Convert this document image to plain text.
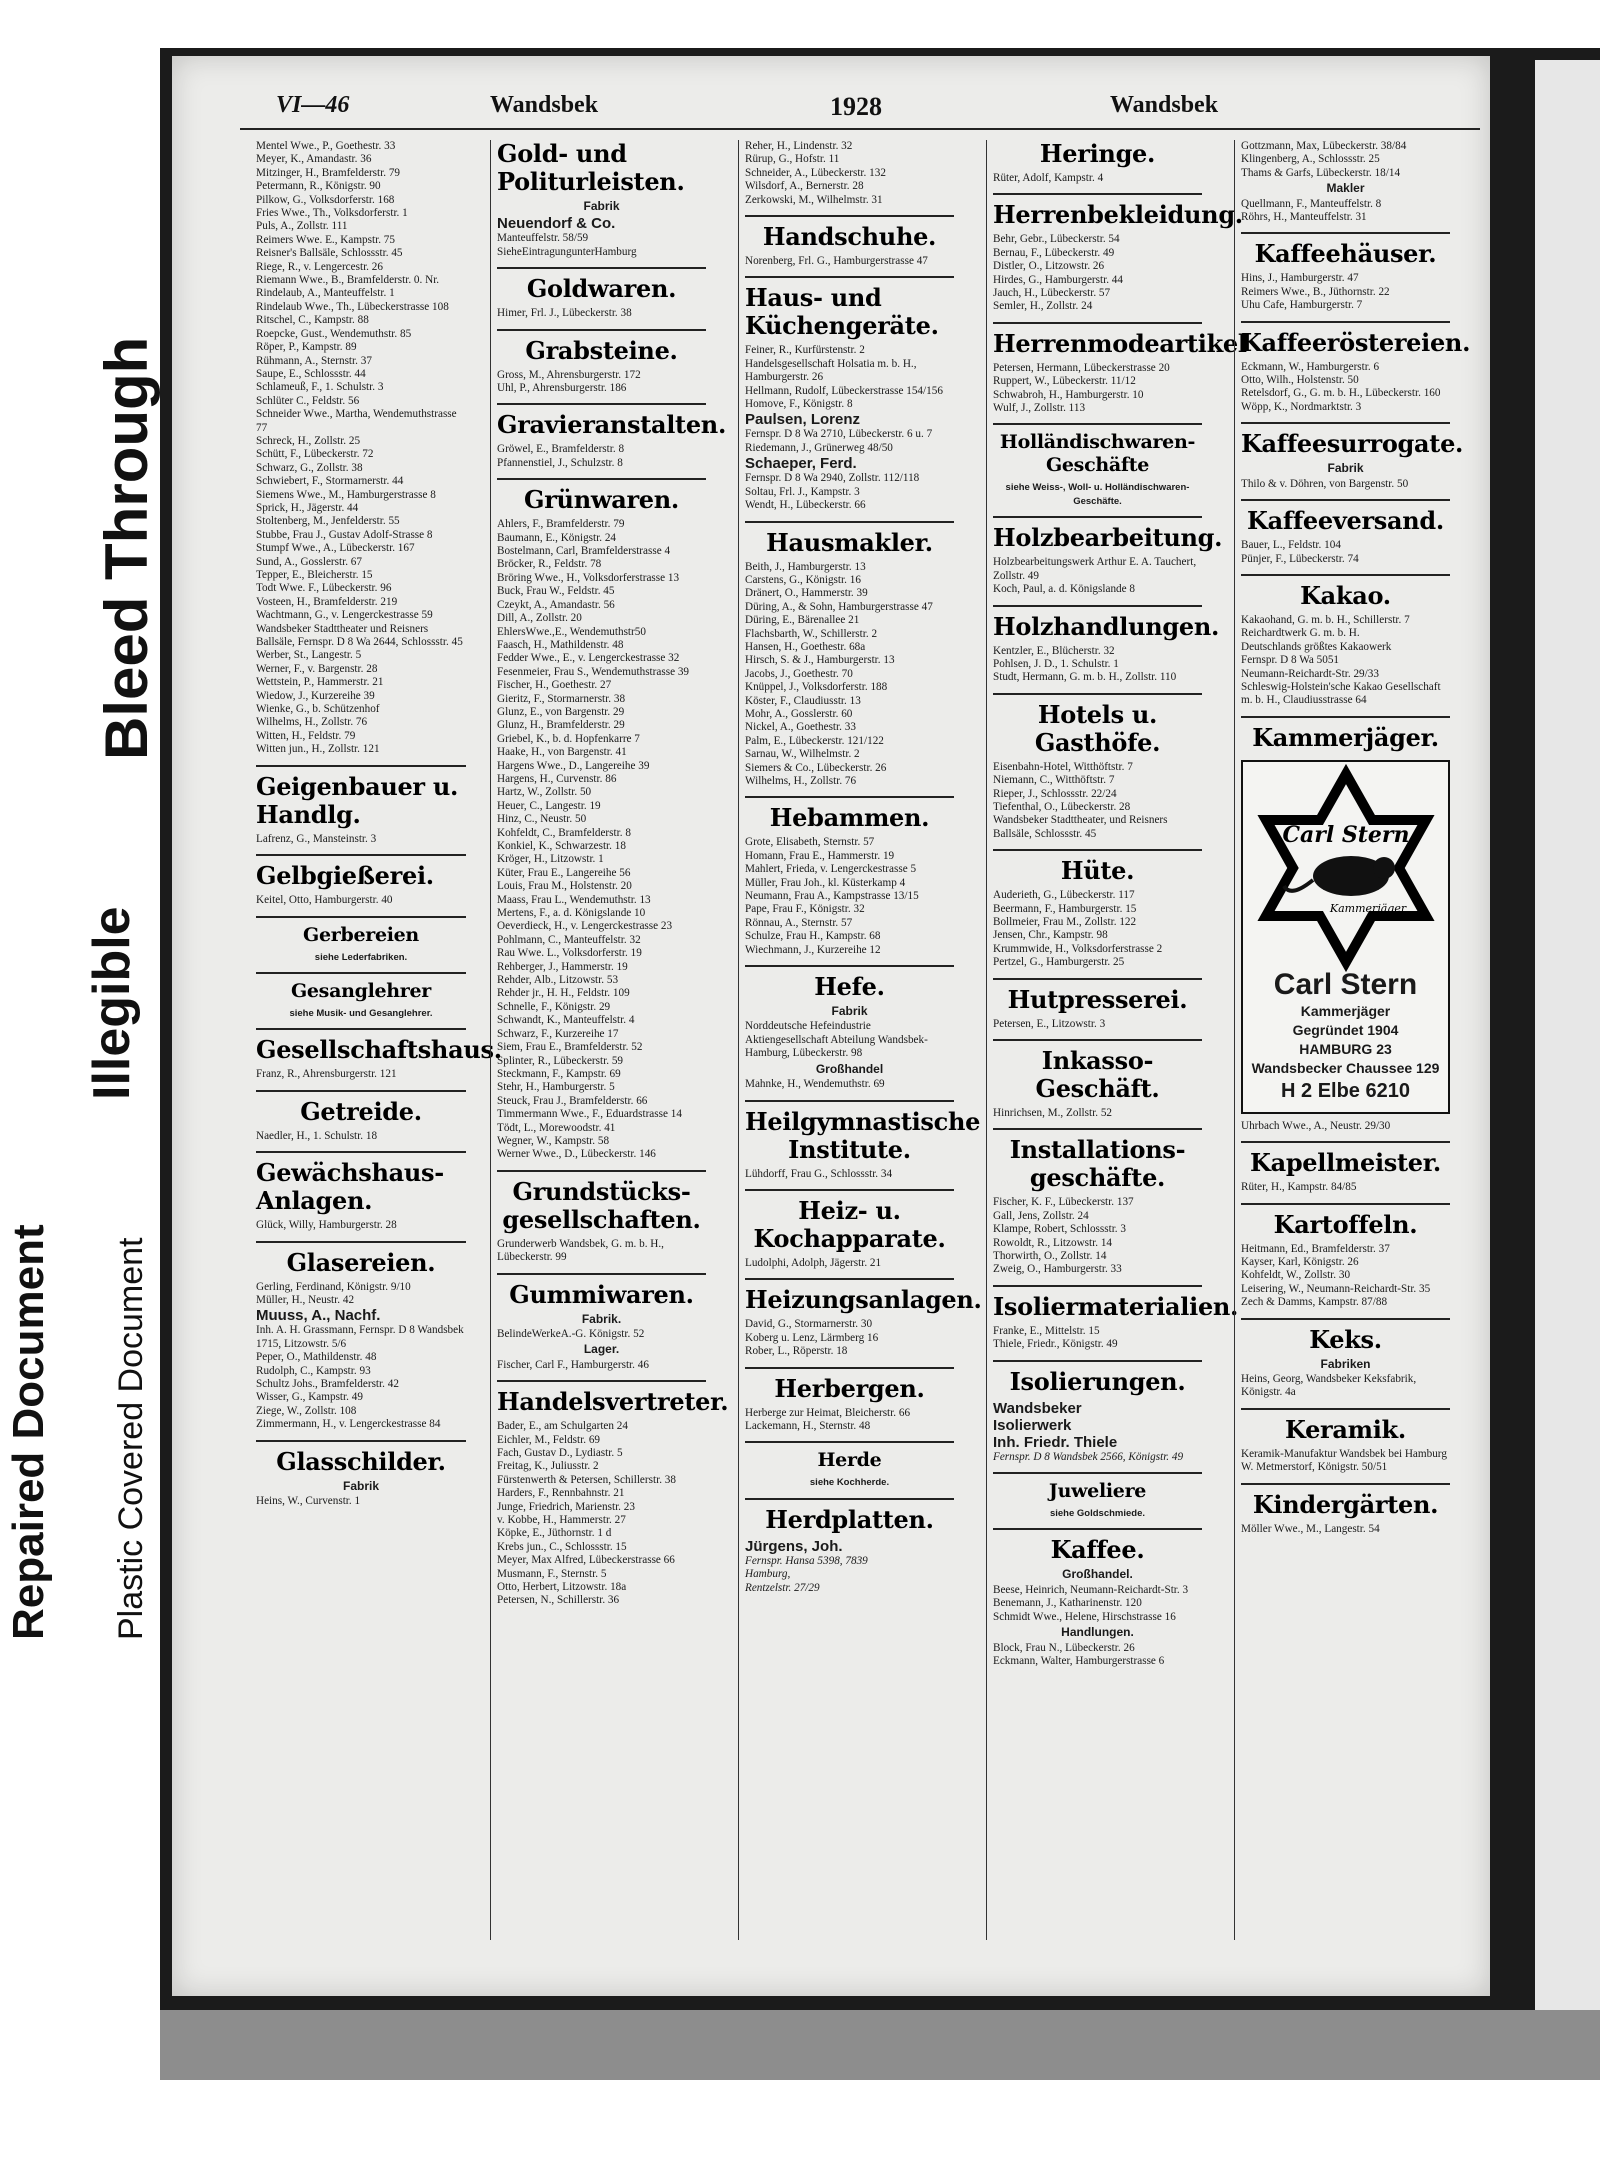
Bleed Through
Illegible
Plastic Covered Document
Repaired Document
VI—46	Wandsbek	1928	Wandsbek

Mentel Wwe., P., Goethestr. 33

Meyer, K., Amandastr. 36

Mitzinger, H., Bramfelderstr. 79

Petermann, R., Königstr. 90

Pilkow, G., Volksdorferstr. 168

Fries Wwe., Th., Volksdorferstr. 1

Puls, A., Zollstr. 111

Reimers Wwe. E., Kampstr. 75

Reisner's Ballsäle, Schlossstr. 45

Riege, R., v. Lengercestr. 26

Riemann Wwe., B., Bramfelderstr. 0. Nr.

Rindelaub, A., Manteuffelstr. 1

Rindelaub Wwe., Th., Lübeckerstrasse 108

Ritschel, C., Kampstr. 88

Roepcke, Gust., Wendemuthstr. 85

Röper, P., Kampstr. 89

Rühmann, A., Sternstr. 37

Saupe, E., Schlossstr. 44

Schlameuß, F., 1. Schulstr. 3

Schlüter C., Feldstr. 56

Schneider Wwe., Martha, Wendemuthstrasse 77

Schreck, H., Zollstr. 25

Schütt, F., Lübeckerstr. 72

Schwarz, G., Zollstr. 38

Schwiebert, F., Stormarnerstr. 44

Siemens Wwe., M., Hamburgerstrasse 8

Sprick, H., Jägerstr. 44

Stoltenberg, M., Jenfelderstr. 55

Stubbe, Frau J., Gustav Adolf-Strasse 8

Stumpf Wwe., A., Lübeckerstr. 167

Sund, A., Gosslerstr. 67

Tepper, E., Bleicherstr. 15

Todt Wwe. F., Lübeckerstr. 96

Vosteen, H., Bramfelderstr. 219

Wachtmann, G., v. Lengerckestrasse 59

Wandsbeker Stadttheater und Reisners Ballsäle, Fernspr. D 8 Wa 2644, Schlossstr. 45

Werber, St., Langestr. 5

Werner, F., v. Bargenstr. 28

Wettstein, P., Hammerstr. 21

Wiedow, J., Kurzereihe 39

Wienke, G., b. Schützenhof

Wilhelms, H., Zollstr. 76

Witten, H., Feldstr. 79

Witten jun., H., Zollstr. 121

Geigenbauer u. Handlg.

Lafrenz, G., Mansteinstr. 3

Gelbgießerei.

Keitel, Otto, Hamburgerstr. 40

Gerbereien
siehe Lederfabriken.
Gesanglehrer
siehe Musik- und Gesanglehrer.
Gesellschaftshaus.

Franz, R., Ahrensburgerstr. 121

Getreide.

Naedler, H., 1. Schulstr. 18

Gewächshaus-Anlagen.

Glück, Willy, Hamburgerstr. 28

Glasereien.

Gerling, Ferdinand, Königstr. 9/10

Müller, H., Neustr. 42

Muuss, A., Nachf.

Inh. A. H. Grassmann, Fernspr. D 8 Wandsbek 1715, Litzowstr. 5/6

Peper, O., Mathildenstr. 48

Rudolph, C., Kampstr. 93

Schultz Johs., Bramfelderstr. 42

Wisser, G., Kampstr. 49

Ziege, W., Zollstr. 108

Zimmermann, H., v. Lengerckestrasse 84

Glasschilder.
Fabrik

Heins, W., Curvenstr. 1

Gold- und Politurleisten.
Fabrik
Neuendorf & Co.

Manteuffelstr. 58/59

SieheEintragungunterHamburg

Goldwaren.

Himer, Frl. J., Lübeckerstr. 38

Grabsteine.

Gross, M., Ahrensburgerstr. 172

Uhl, P., Ahrensburgerstr. 186

Gravieranstalten.

Gröwel, E., Bramfelderstr. 8

Pfannenstiel, J., Schulzstr. 8

Grünwaren.

Ahlers, F., Bramfelderstr. 79

Baumann, E., Königstr. 24

Bostelmann, Carl, Bramfelderstrasse 4

Bröcker, R., Feldstr. 78

Bröring Wwe., H., Volksdorferstrasse 13

Buck, Frau W., Feldstr. 45

Czeykt, A., Amandastr. 56

Dill, A., Zollstr. 20

EhlersWwe.,E., Wendemuthstr50

Faasch, H., Mathildenstr. 48

Fedder Wwe., E., v. Lengerckestrasse 32

Fesenmeier, Frau S., Wendemuthstrasse 39

Fischer, H., Goethestr. 27

Gieritz, F., Stormarnerstr. 38

Glunz, E., von Bargenstr. 29

Glunz, H., Bramfelderstr. 29

Griebel, K., b. d. Hopfenkarre 7

Haake, H., von Bargenstr. 41

Hargens Wwe., D., Langereihe 39

Hargens, H., Curvenstr. 86

Hartz, W., Zollstr. 50

Heuer, C., Langestr. 19

Hinz, C., Neustr. 50

Kohfeldt, C., Bramfelderstr. 8

Konkiel, K., Schwarzestr. 18

Kröger, H., Litzowstr. 1

Küter, Frau E., Langereihe 56

Louis, Frau M., Holstenstr. 20

Maass, Frau L., Wendemuthstr. 13

Mertens, F., a. d. Königslande 10

Oeverdieck, H., v. Lengerckestrasse 23

Pohlmann, C., Manteuffelstr. 32

Rau Wwe. L., Volksdorferstr. 19

Rehberger, J., Hammerstr. 19

Rehder, Alb., Litzowstr. 53

Rehder jr., H. H., Feldstr. 109

Schnelle, F., Königstr. 29

Schwandt, K., Manteuffelstr. 4

Schwarz, F., Kurzereihe 17

Siem, Frau E., Bramfelderstr. 52

Splinter, R., Lübeckerstr. 59

Steckmann, F., Kampstr. 69

Stehr, H., Hamburgerstr. 5

Steuck, Frau J., Bramfelderstr. 66

Timmermann Wwe., F., Eduardstrasse 14

Tödt, L., Morewoodstr. 41

Wegner, W., Kampstr. 58

Werner Wwe., D., Lübeckerstr. 146

Grundstücks-gesellschaften.

Grunderwerb Wandsbek, G. m. b. H., Lübeckerstr. 99

Gummiwaren.
Fabrik.

BelindeWerkeA.-G. Königstr. 52

Lager.

Fischer, Carl F., Hamburgerstr. 46

Handelsvertreter.

Bader, E., am Schulgarten 24

Eichler, M., Feldstr. 69

Fach, Gustav D., Lydiastr. 5

Freitag, K., Juliusstr. 2

Fürstenwerth & Petersen, Schillerstr. 38

Harders, F., Rennbahnstr. 21

Junge, Friedrich, Marienstr. 23

v. Kobbe, H., Hammerstr. 27

Köpke, E., Jüthornstr. 1 d

Krebs jun., C., Schlossstr. 15

Meyer, Max Alfred, Lübeckerstrasse 66

Musmann, F., Sternstr. 5

Otto, Herbert, Litzowstr. 18a

Petersen, N., Schillerstr. 36

Reher, H., Lindenstr. 32

Rürup, G., Hofstr. 11

Schneider, A., Lübeckerstr. 132

Wilsdorf, A., Bernerstr. 28

Zerkowski, M., Wilhelmstr. 31

Handschuhe.

Norenberg, Frl. G., Hamburgerstrasse 47

Haus- und Küchengeräte.

Feiner, R., Kurfürstenstr. 2

Handelsgesellschaft Holsatia m. b. H., Hamburgerstr. 26

Hellmann, Rudolf, Lübeckerstrasse 154/156

Homove, F., Königstr. 8

Paulsen, Lorenz

Fernspr. D 8 Wa 2710, Lübeckerstr. 6 u. 7

Riedemann, J., Grünerweg 48/50

Schaeper, Ferd.

Fernspr. D 8 Wa 2940, Zollstr. 112/118

Soltau, Frl. J., Kampstr. 3

Wendt, H., Lübeckerstr. 66

Hausmakler.

Beith, J., Hamburgerstr. 13

Carstens, G., Königstr. 16

Dränert, O., Hammerstr. 39

Düring, A., & Sohn, Hamburgerstrasse 47

Düring, E., Bärenallee 21

Flachsbarth, W., Schillerstr. 2

Hansen, H., Goethestr. 68a

Hirsch, S. & J., Hamburgerstr. 13

Jacobs, J., Goethestr. 70

Knüppel, J., Volksdorferstr. 188

Köster, F., Claudiusstr. 13

Mohr, A., Gosslerstr. 60

Nickel, A., Goethestr. 33

Palm, E., Lübeckerstr. 121/122

Sarnau, W., Wilhelmstr. 2

Siemers & Co., Lübeckerstr. 26

Wilhelms, H., Zollstr. 76

Hebammen.

Grote, Elisabeth, Sternstr. 57

Homann, Frau E., Hammerstr. 19

Mahlert, Frieda, v. Lengerckestrasse 5

Müller, Frau Joh., kl. Küsterkamp 4

Neumann, Frau A., Kampstrasse 13/15

Pape, Frau F., Königstr. 32

Rönnau, A., Sternstr. 57

Schulze, Frau H., Kampstr. 68

Wiechmann, J., Kurzereihe 12

Hefe.
Fabrik

Norddeutsche Hefeindustrie Aktiengesellschaft Abteilung Wandsbek-Hamburg, Lübeckerstr. 98

Großhandel

Mahnke, H., Wendemuthstr. 69

Heilgymnastische Institute.

Lühdorff, Frau G., Schlossstr. 34

Heiz- u. Kochapparate.

Ludolphi, Adolph, Jägerstr. 21

Heizungsanlagen.

David, G., Stormarnerstr. 30

Koberg u. Lenz, Lärmberg 16

Rober, L., Röperstr. 18

Herbergen.

Herberge zur Heimat, Bleicherstr. 66

Lackemann, H., Sternstr. 48

Herde
siehe Kochherde.
Herdplatten.
Jürgens, Joh.

Fernspr. Hansa 5398, 7839

Hamburg,

Rentzelstr. 27/29

Heringe.

Rüter, Adolf, Kampstr. 4

Herrenbekleidung.

Behr, Gebr., Lübeckerstr. 54

Bernau, F., Lübeckerstr. 49

Distler, O., Litzowstr. 26

Hirdes, G., Hamburgerstr. 44

Jauch, H., Lübeckerstr. 57

Semler, H., Zollstr. 24

Herrenmodeartikel

Petersen, Hermann, Lübeckerstrasse 20

Ruppert, W., Lübeckerstr. 11/12

Schwabroh, H., Hamburgerstr. 10

Wulf, J., Zollstr. 113

Holländischwaren-Geschäfte
siehe Weiss-, Woll- u. Holländischwaren-Geschäfte.
Holzbearbeitung.

Holzbearbeitungswerk Arthur E. A. Tauchert, Zollstr. 49

Koch, Paul, a. d. Königslande 8

Holzhandlungen.

Kentzler, E., Blücherstr. 32

Pohlsen, J. D., 1. Schulstr. 1

Studt, Hermann, G. m. b. H., Zollstr. 110

Hotels u. Gasthöfe.

Eisenbahn-Hotel, Witthöftstr. 7

Niemann, C., Witthöftstr. 7

Rieper, J., Schlossstr. 22/24

Tiefenthal, O., Lübeckerstr. 28

Wandsbeker Stadttheater, und Reisners Ballsäle, Schlossstr. 45

Hüte.

Auderieth, G., Lübeckerstr. 117

Beermann, F., Hamburgerstr. 15

Bollmeier, Frau M., Zollstr. 122

Jensen, Chr., Kampstr. 98

Krummwide, H., Volksdorferstrasse 2

Pertzel, G., Hamburgerstr. 25

Hutpresserei.

Petersen, E., Litzowstr. 3

Inkasso-Geschäft.

Hinrichsen, M., Zollstr. 52

Installations-geschäfte.

Fischer, K. F., Lübeckerstr. 137

Gall, Jens, Zollstr. 24

Klampe, Robert, Schlossstr. 3

Rowoldt, R., Litzowstr. 14

Thorwirth, O., Zollstr. 14

Zweig, O., Hamburgerstr. 33

Isoliermaterialien.

Franke, E., Mittelstr. 15

Thiele, Friedr., Königstr. 49

Isolierungen.

Wandsbeker

Isolierwerk

Inh. Friedr. Thiele

Fernspr. D 8 Wandsbek 2566, Königstr. 49

Juweliere
siehe Goldschmiede.
Kaffee.
Großhandel.

Beese, Heinrich, Neumann-Reichardt-Str. 3

Benemann, J., Katharinenstr. 120

Schmidt Wwe., Helene, Hirschstrasse 16

Handlungen.

Block, Frau N., Lübeckerstr. 26

Eckmann, Walter, Hamburgerstrasse 6

Gottzmann, Max, Lübeckerstr. 38/84

Klingenberg, A., Schlossstr. 25

Thams & Garfs, Lübeckerstr. 18/14

Makler

Quellmann, F., Manteuffelstr. 8

Röhrs, H., Manteuffelstr. 31

Kaffeehäuser.

Hins, J., Hamburgerstr. 47

Reimers Wwe., B., Jüthornstr. 22

Uhu Cafe, Hamburgerstr. 7

Kaffeeröstereien.

Eckmann, W., Hamburgerstr. 6

Otto, Wilh., Holstenstr. 50

Retelsdorf, G., G. m. b. H., Lübeckerstr. 160

Wöpp, K., Nordmarktstr. 3

Kaffeesurrogate.
Fabrik

Thilo & v. Döhren, von Bargenstr. 50

Kaffeeversand.

Bauer, L., Feldstr. 104

Pünjer, F., Lübeckerstr. 74

Kakao.

Kakaohand, G. m. b. H., Schillerstr. 7

Reichardtwerk G. m. b. H.

Deutschlands größtes Kakaowerk

Fernspr. D 8 Wa 5051

Neumann-Reichardt-Str. 29/33

Schleswig-Holstein'sche Kakao Gesellschaft m. b. H., Claudiusstrasse 64

Kammerjäger.
Carl Stern
Kammerjäger
Carl Stern
Kammerjäger
Gegründet 1904
HAMBURG 23
Wandsbecker Chaussee 129
H 2 Elbe 6210

Uhrbach Wwe., A., Neustr. 29/30

Kapellmeister.

Rüter, H., Kampstr. 84/85

Kartoffeln.

Heitmann, Ed., Bramfelderstr. 37

Kayser, Karl, Königstr. 26

Kohfeldt, W., Zollstr. 30

Leisering, W., Neumann-Reichardt-Str. 35

Zech & Damms, Kampstr. 87/88

Keks.
Fabriken

Heins, Georg, Wandsbeker Keksfabrik, Königstr. 4a

Keramik.

Keramik-Manufaktur Wandsbek bei Hamburg W. Metmerstorf, Königstr. 50/51

Kindergärten.

Möller Wwe., M., Langestr. 54
